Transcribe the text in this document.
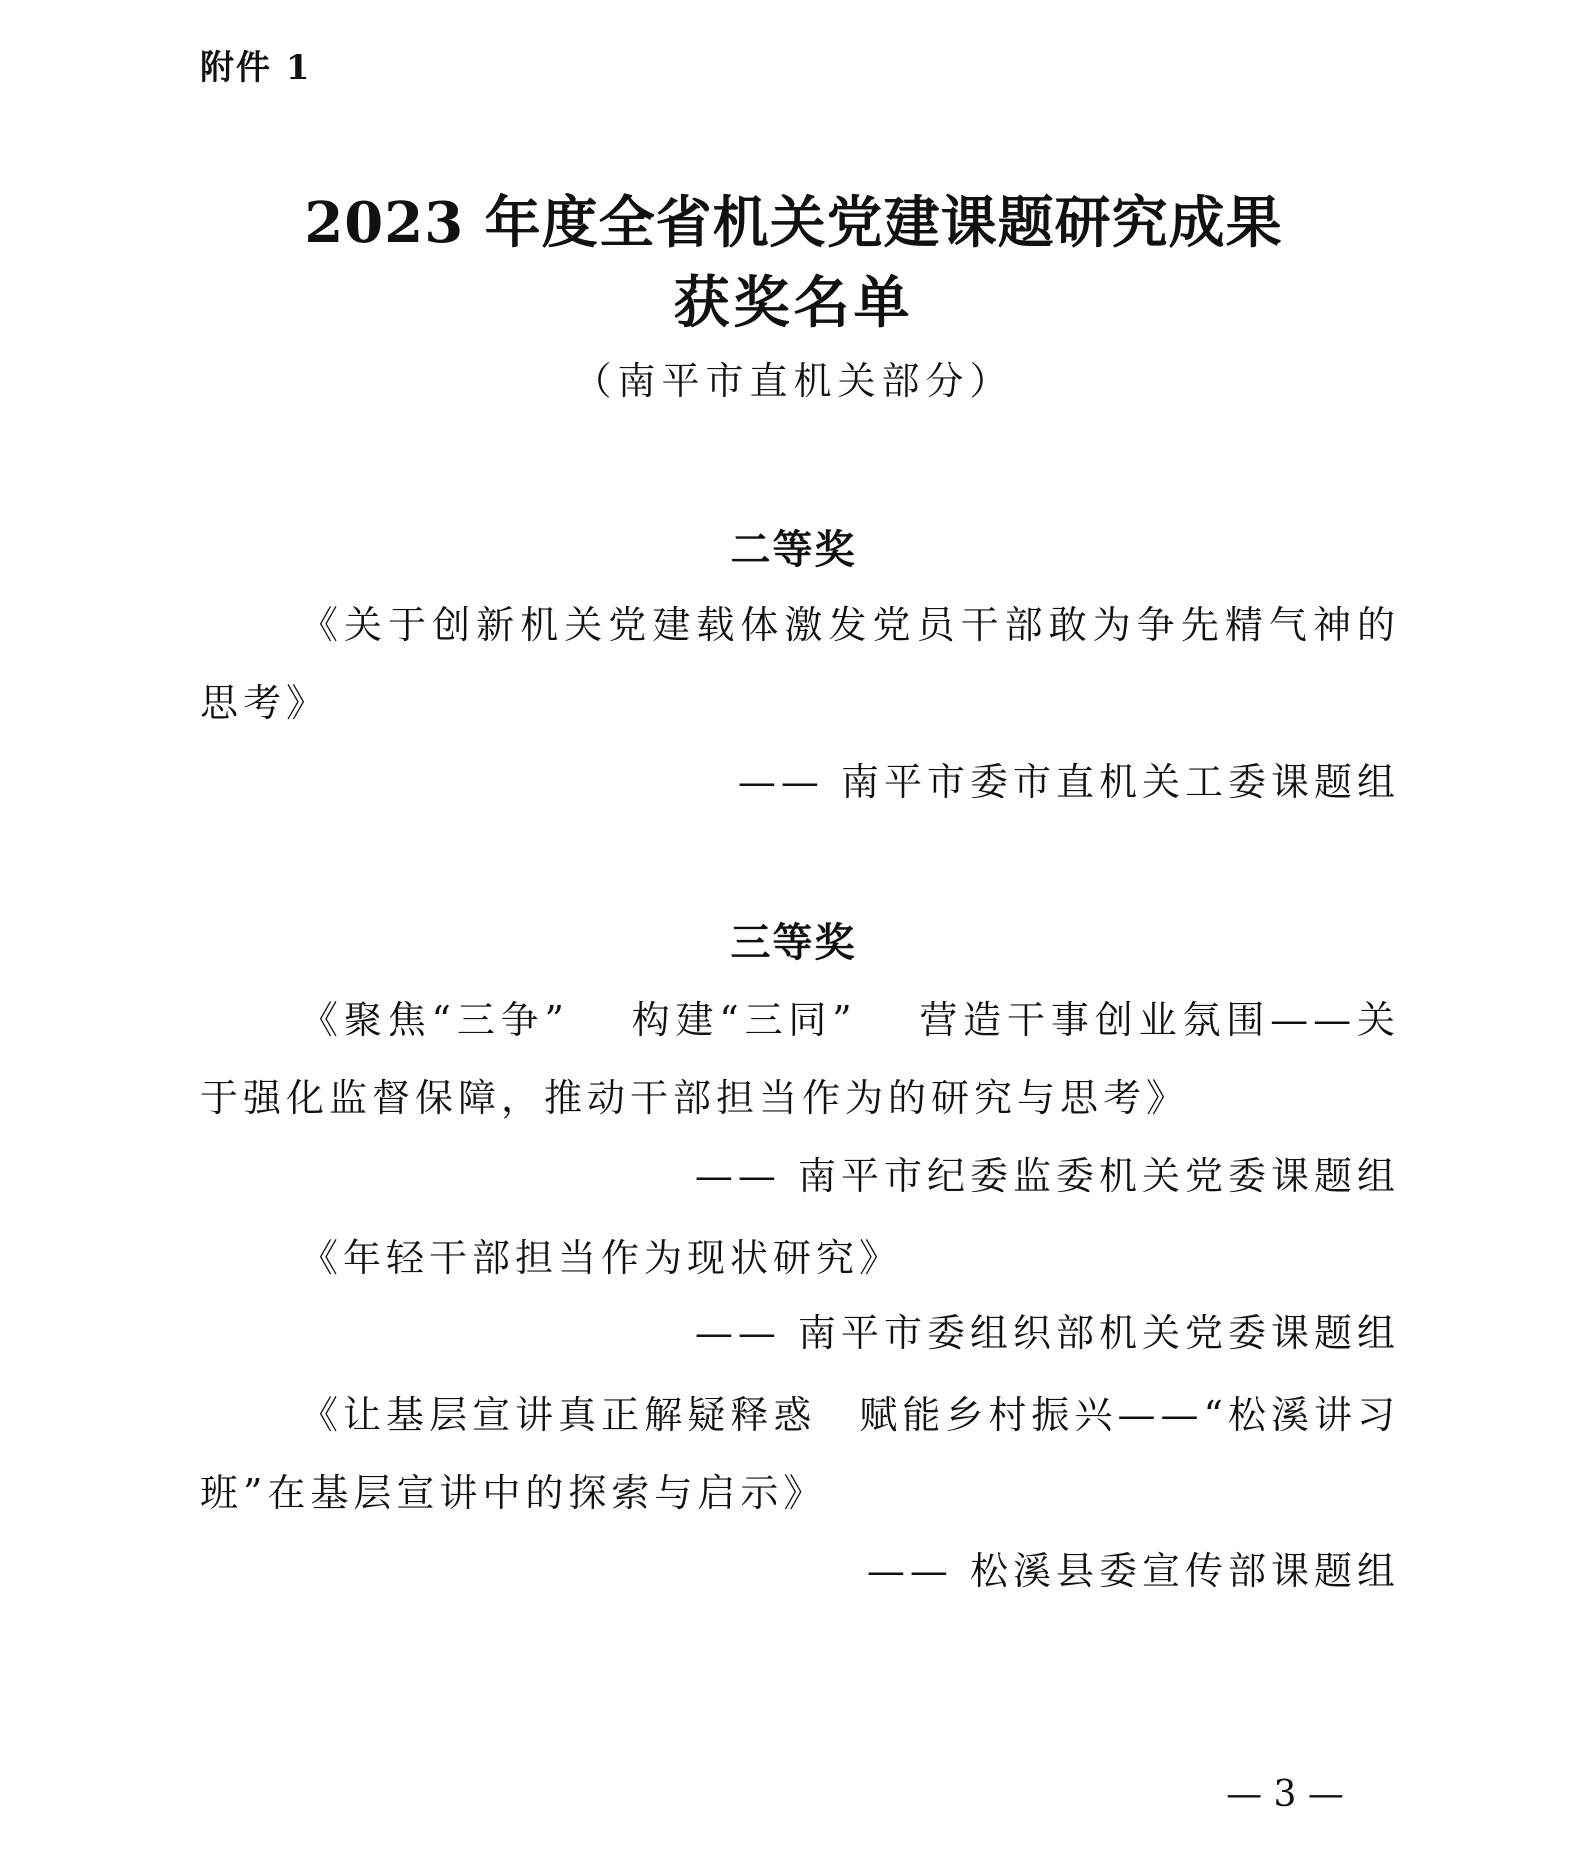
附件 1
2023 年度全省机关党建课题研究成果
获奖名单
（南平市直机关部分）
二等奖
《关于创新机关党建载体激发党员干部敢为争先精气神的思考》
—— 南平市委市直机关工委课题组
三等奖
《聚焦“三争”　 构建“三同”　 营造干事创业氛围——关于强化监督保障，推动干部担当作为的研究与思考》
—— 南平市纪委监委机关党委课题组
《年轻干部担当作为现状研究》
—— 南平市委组织部机关党委课题组
《让基层宣讲真正解疑释惑　赋能乡村振兴——“松溪讲习班”在基层宣讲中的探索与启示》
—— 松溪县委宣传部课题组
— 3 —
